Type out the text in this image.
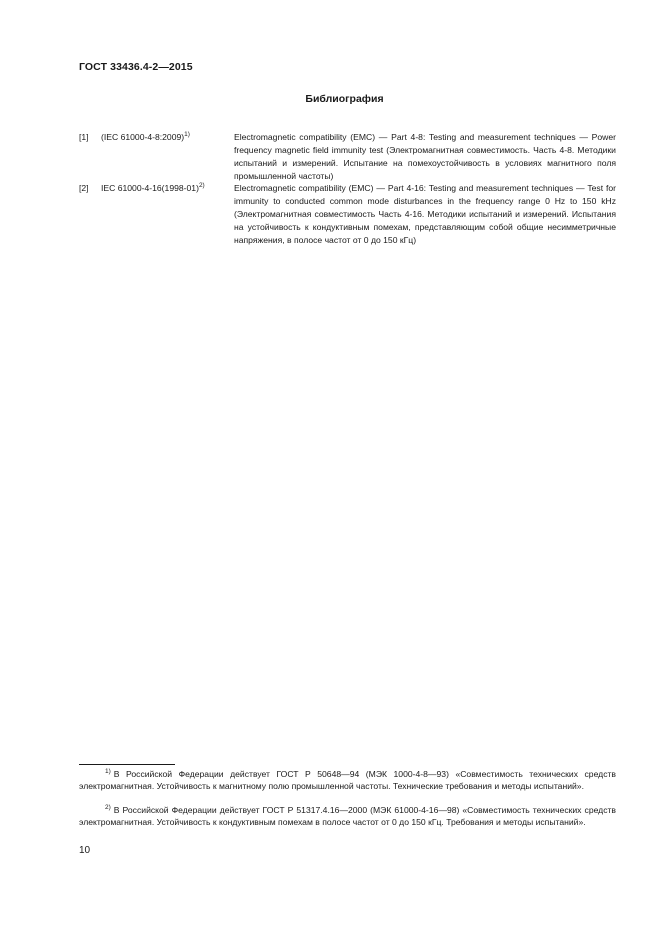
ГОСТ 33436.4-2—2015
Библиография
[1] (IEC 61000-4-8:2009)$^{1)}$	Electromagnetic compatibility (EMC) — Part 4-8: Testing and measurement techniques — Power frequency magnetic field immunity test (Электромагнитная совместимость. Часть 4-8. Методики испытаний и измерений. Испытание на помехоустойчивость в условиях магнитного поля промышленной частоты)
[2] IEC 61000-4-16(1998-01)$^{2)}$	Electromagnetic compatibility (EMC) — Part 4-16: Testing and measurement techniques — Test for immunity to conducted common mode disturbances in the frequency range 0 Hz to 150 kHz (Электромагнитная совместимость Часть 4-16. Методики испытаний и измерений. Испытания на устойчивость к кондуктивным помехам, представляющим собой общие несимметричные напряжения, в полосе частот от 0 до 150 кГц)
$^{1)}$ В Российской Федерации действует ГОСТ Р 50648—94 (МЭК 1000-4-8—93) «Совместимость технических средств электромагнитная. Устойчивость к магнитному полю промышленной частоты. Технические требования и методы испытаний».
$^{2)}$ В Российской Федерации действует ГОСТ Р 51317.4.16—2000 (МЭК 61000-4-16—98) «Совместимость технических средств электромагнитная. Устойчивость к кондуктивным помехам в полосе частот от 0 до 150 кГц. Требования и методы испытаний».
10
